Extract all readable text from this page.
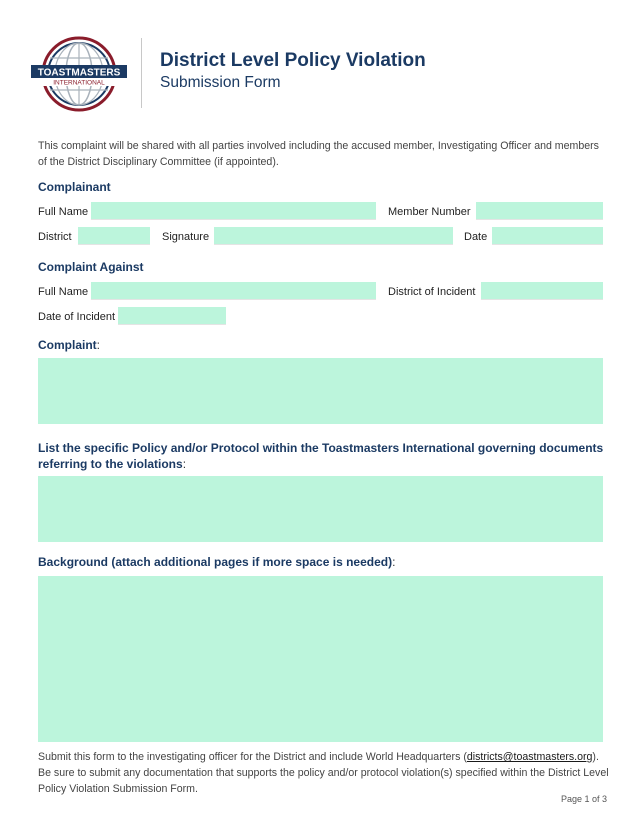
TOASTMASTERS
INTERNATIONAL
District Level Policy Violation
Submission Form
This complaint will be shared with all parties involved including the accused member, Investigating Officer and members of the District Disciplinary Committee (if appointed).
Complainant
Full Name	Member Number
District	Signature	Date
Complaint Against
Full Name	District of Incident
Date of Incident
Complaint:
List the specific Policy and/or Protocol within the Toastmasters International governing documents
referring to the violations:
Background (attach additional pages if more space is needed):
Submit this form to the investigating officer for the District and include World Headquarters (districts@toastmasters.org).
Be sure to submit any documentation that supports the policy and/or protocol violation(s) specified within the District Level Policy Violation Submission Form.
Page 1 of 3
